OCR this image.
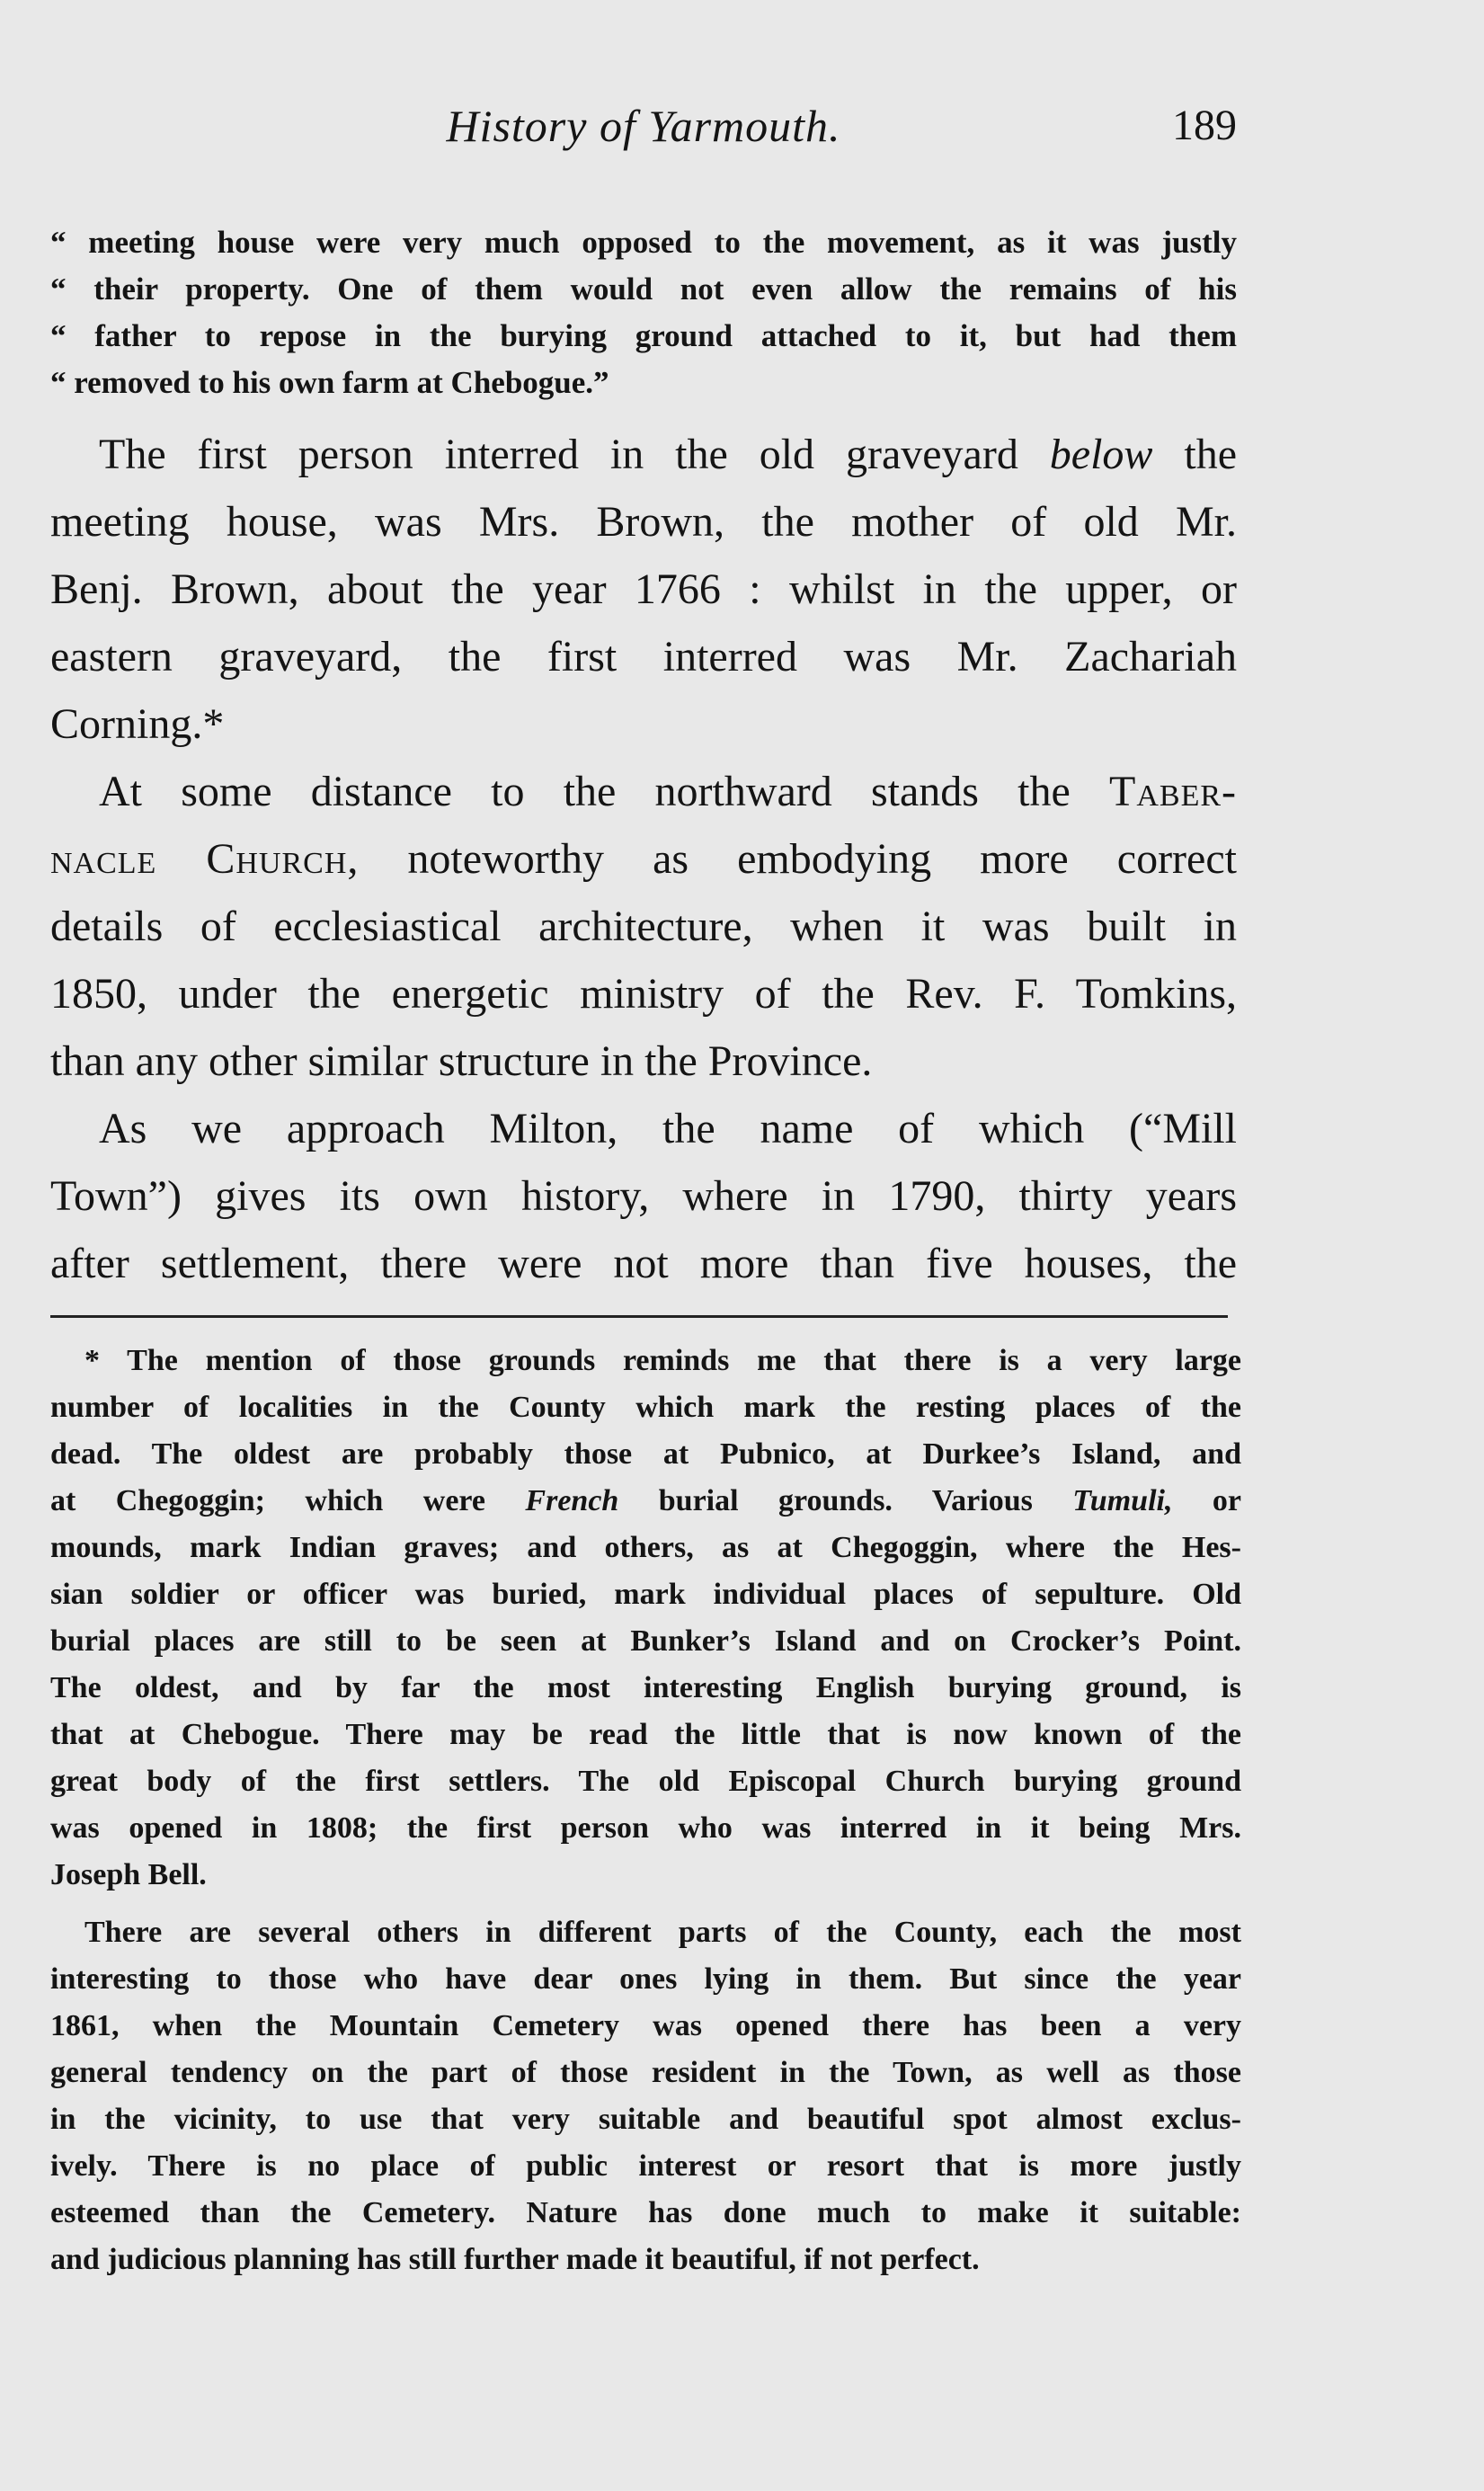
History of Yarmouth.	189
“ meeting house were very much opposed to the movement, as it was justly
“ their property. One of them would not even allow the remains of his
“ father to repose in the burying ground attached to it, but had them
“ removed to his own farm at Chebogue.”
The first person interred in the old graveyard below the
meeting house, was Mrs. Brown, the mother of old Mr.
Benj. Brown, about the year 1766 : whilst in the upper, or
eastern graveyard, the first interred was Mr. Zachariah
Corning.*
At some distance to the northward stands the Taber-
nacle Church, noteworthy as embodying more correct
details of ecclesiastical architecture, when it was built in
1850, under the energetic ministry of the Rev. F. Tomkins,
than any other similar structure in the Province.
As we approach Milton, the name of which (“Mill
Town”) gives its own history, where in 1790, thirty years
after settlement, there were not more than five houses, the
* The mention of those grounds reminds me that there is a very large
number of localities in the County which mark the resting places of the
dead. The oldest are probably those at Pubnico, at Durkee’s Island, and
at Chegoggin; which were French burial grounds. Various Tumuli, or
mounds, mark Indian graves; and others, as at Chegoggin, where the Hes-
sian soldier or officer was buried, mark individual places of sepulture. Old
burial places are still to be seen at Bunker’s Island and on Crocker’s Point.
The oldest, and by far the most interesting English burying ground, is
that at Chebogue. There may be read the little that is now known of the
great body of the first settlers. The old Episcopal Church burying ground
was opened in 1808; the first person who was interred in it being Mrs.
Joseph Bell.
There are several others in different parts of the County, each the most
interesting to those who have dear ones lying in them. But since the year
1861, when the Mountain Cemetery was opened there has been a very
general tendency on the part of those resident in the Town, as well as those
in the vicinity, to use that very suitable and beautiful spot almost exclus-
ively. There is no place of public interest or resort that is more justly
esteemed than the Cemetery. Nature has done much to make it suitable:
and judicious planning has still further made it beautiful, if not perfect.
